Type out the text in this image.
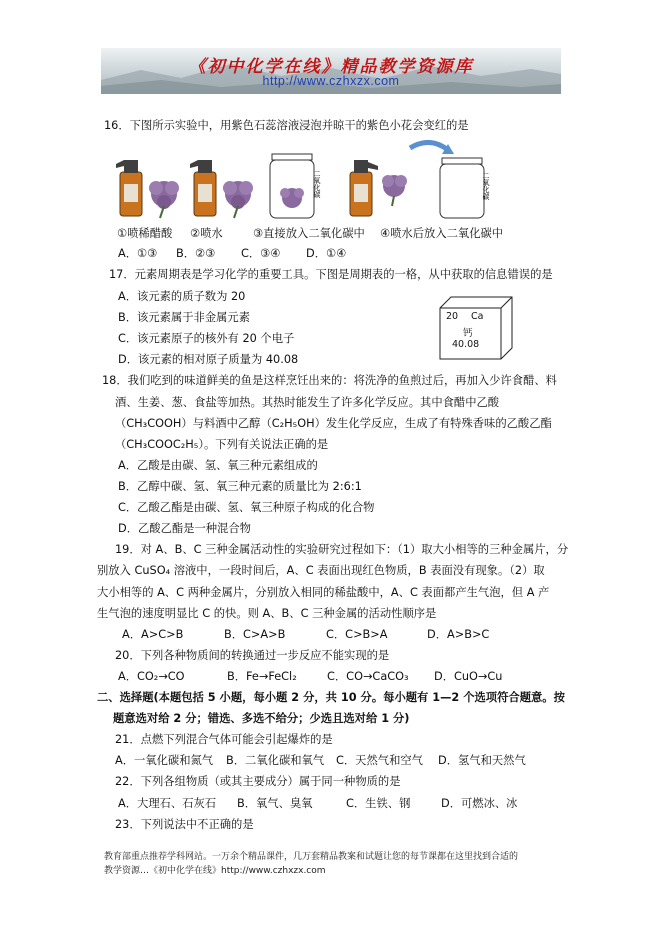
《初中化学在线》精品教学资源库
http://www.czhxzx.com
16．下图所示实验中，用紫色石蕊溶液浸泡并晾干的紫色小花会变红的是
二氧化碳	二氧化碳
①喷稀醋酸 ②喷水	③直接放入二氧化碳中 ④喷水后放入二氧化碳中
A．①③ B．②③ C．③④ D．①④
17．元素周期表是学习化学的重要工具。下图是周期表的一格，从中获取的信息错误的是
A．该元素的质子数为 20
B．该元素属于非金属元素
C．该元素原子的核外有 20 个电子
D．该元素的相对原子质量为 40.08
20 Ca
钙
40.08
18．我们吃到的味道鲜美的鱼是这样烹饪出来的：将洗净的鱼煎过后，再加入少许食醋、料
酒、生姜、葱、食盐等加热。其热时能发生了许多化学反应。其中食醋中乙酸
（CH₃COOH）与料酒中乙醇（C₂H₅OH）发生化学反应，生成了有特殊香味的乙酸乙酯
（CH₃COOC₂H₅）。下列有关说法正确的是
A．乙酸是由碳、氢、氧三种元素组成的
B．乙醇中碳、氢、氧三种元素的质量比为 2:6:1
C．乙酸乙酯是由碳、氢、氧三种原子构成的化合物
D．乙酸乙酯是一种混合物
19．对 A、B、C 三种金属活动性的实验研究过程如下：（1）取大小相等的三种金属片，分
别放入 CuSO₄ 溶液中，一段时间后，A、C 表面出现红色物质，B 表面没有现象。（2）取
大小相等的 A、C 两种金属片，分别放入相同的稀盐酸中，A、C 表面都产生气泡，但 A 产
生气泡的速度明显比 C 的快。则 A、B、C 三种金属的活动性顺序是
A．A>C>B	B．C>A>B	C．C>B>A	D．A>B>C
20．下列各种物质间的转换通过一步反应不能实现的是
A．CO₂→CO	B．Fe→FeCl₂	C．CO→CaCO₃ D．CuO→Cu
二、选择题(本题包括 5 小题，每小题 2 分，共 10 分。每小题有 1—2 个选项符合题意。按
题意选对给 2 分；错选、多选不给分；少选且选对给 1 分)
21．点燃下列混合气体可能会引起爆炸的是
A．一氧化碳和氮气 B．二氧化碳和氧气 C．天然气和空气 D．氢气和天然气
22．下列各组物质（或其主要成分）属于同一种物质的是
A．大理石、石灰石 B．氧气、臭氧	C．生铁、钢	D．可燃冰、冰
23．下列说法中不正确的是
教育部重点推荐学科网站。一万余个精品课件，几万套精品教案和试题让您的每节课都在这里找到合适的
教学资源…《初中化学在线》http://www.czhxzx.com
